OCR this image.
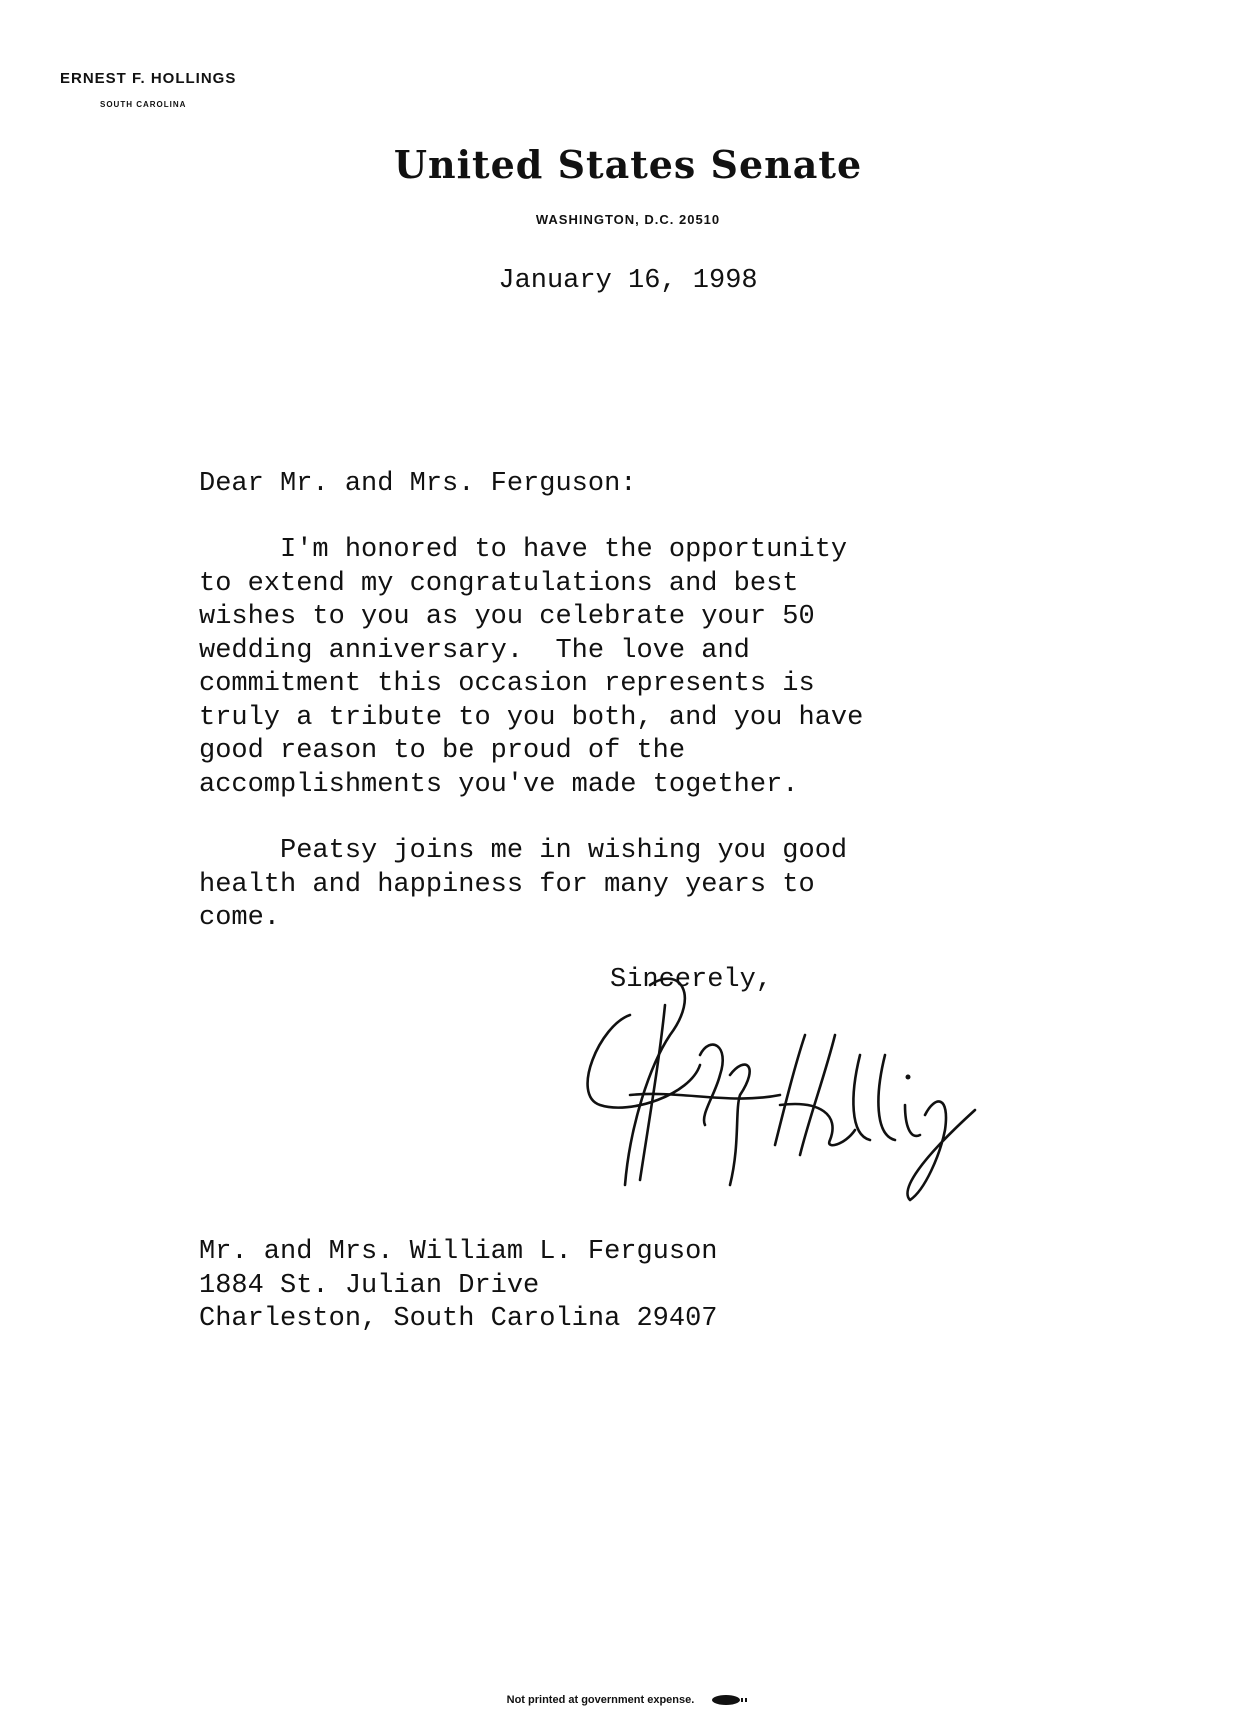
ERNEST F. HOLLINGS
SOUTH CAROLINA
United States Senate
WASHINGTON, D.C. 20510
January 16, 1998
Dear Mr. and Mrs. Ferguson:
I'm honored to have the opportunity
to extend my congratulations and best
wishes to you as you celebrate your 50
wedding anniversary.  The love and
commitment this occasion represents is
truly a tribute to you both, and you have
good reason to be proud of the
accomplishments you've made together.
Peatsy joins me in wishing you good
health and happiness for many years to
come.
Sincerely,
Mr. and Mrs. William L. Ferguson
1884 St. Julian Drive
Charleston, South Carolina 29407
Not printed at government expense.
